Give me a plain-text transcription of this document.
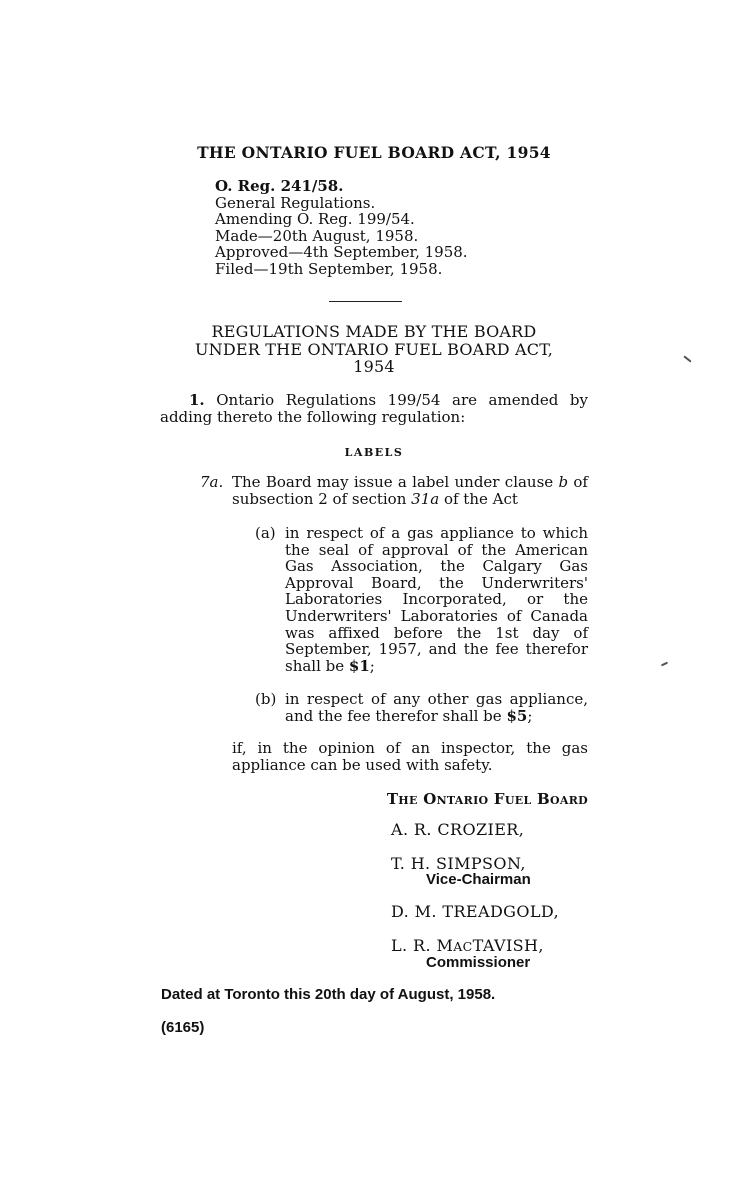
THE ONTARIO FUEL BOARD ACT, 1954
O. Reg. 241/58.
General Regulations.
Amending O. Reg. 199/54.
Made—20th August, 1958.
Approved—4th September, 1958.
Filed—19th September, 1958.
REGULATIONS MADE BY THE BOARD
UNDER THE ONTARIO FUEL BOARD ACT,
1954
1. Ontario Regulations 199/54 are amended by adding thereto the following regulation:
LABELS
7a. The Board may issue a label under clause b of subsection 2 of section 31a of the Act
(a) in respect of a gas appliance to which the seal of approval of the American Gas Association, the Calgary Gas Approval Board, the Underwriters' Laboratories Incorporated, or the Underwriters' Laboratories of Canada was affixed before the 1st day of September, 1957, and the fee therefor shall be $1;
(b) in respect of any other gas appliance, and the fee therefor shall be $5;
if, in the opinion of an inspector, the gas appliance can be used with safety.
The Ontario Fuel Board
A. R. CROZIER,
T. H. SIMPSON,
Vice-Chairman
D. M. TREADGOLD,
L. R. MACTAVISH,
Commissioner
Dated at Toronto this 20th day of August, 1958.
(6165)
